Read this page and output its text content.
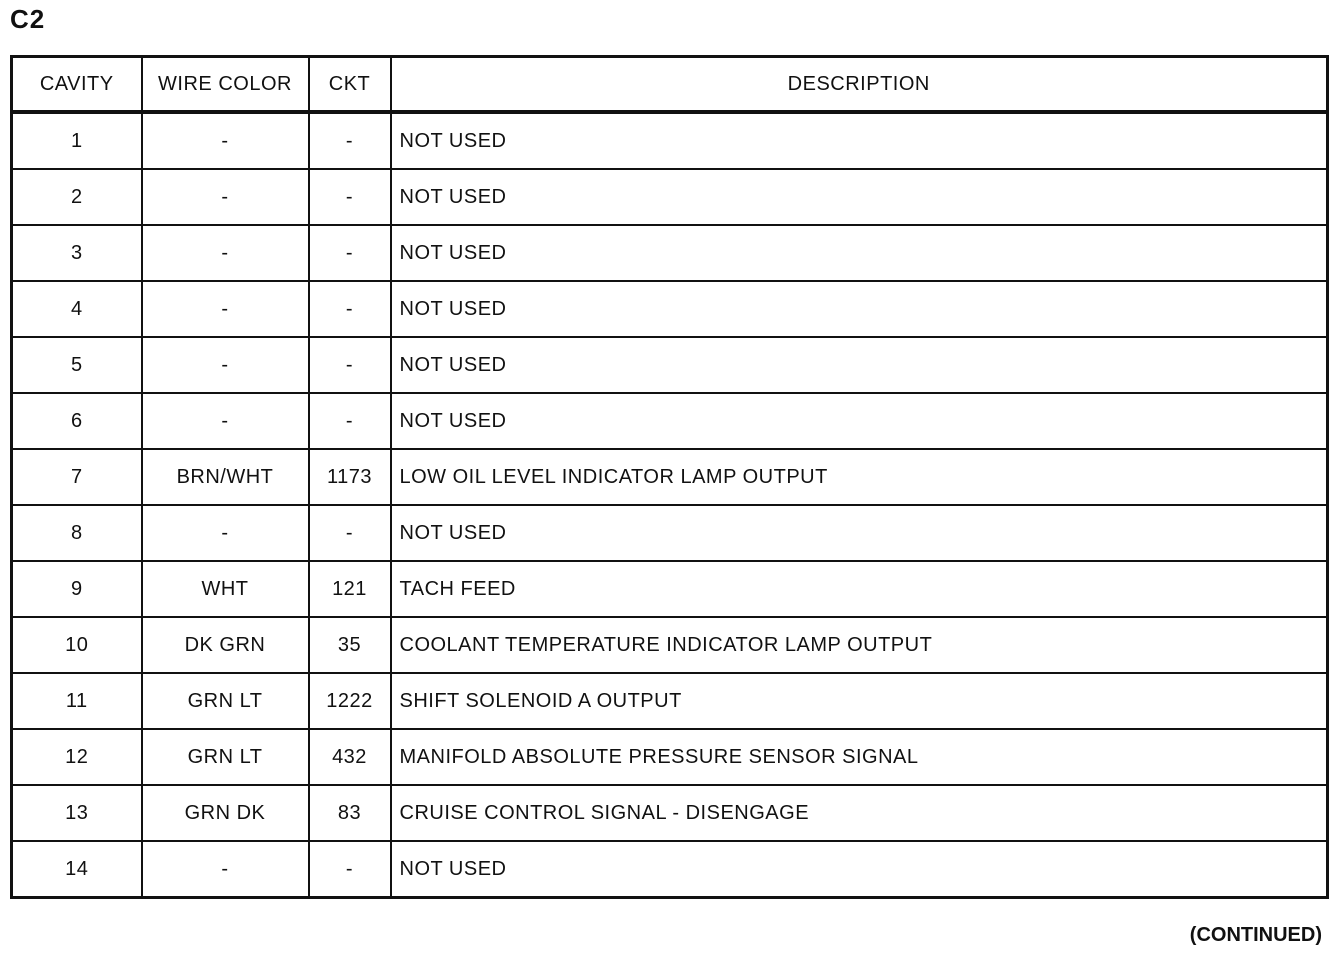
C2
CAVITY	WIRE COLOR	CKT	DESCRIPTION
1	-	-	NOT USED
2	-	-	NOT USED
3	-	-	NOT USED
4	-	-	NOT USED
5	-	-	NOT USED
6	-	-	NOT USED
7	BRN/WHT	1173	LOW OIL LEVEL INDICATOR LAMP OUTPUT
8	-	-	NOT USED
9	WHT	121	TACH FEED
10	DK GRN	35	COOLANT TEMPERATURE INDICATOR LAMP OUTPUT
11	GRN LT	1222	SHIFT SOLENOID A OUTPUT
12	GRN LT	432	MANIFOLD ABSOLUTE PRESSURE SENSOR SIGNAL
13	GRN DK	83	CRUISE CONTROL SIGNAL - DISENGAGE
14	-	-	NOT USED
(CONTINUED)
